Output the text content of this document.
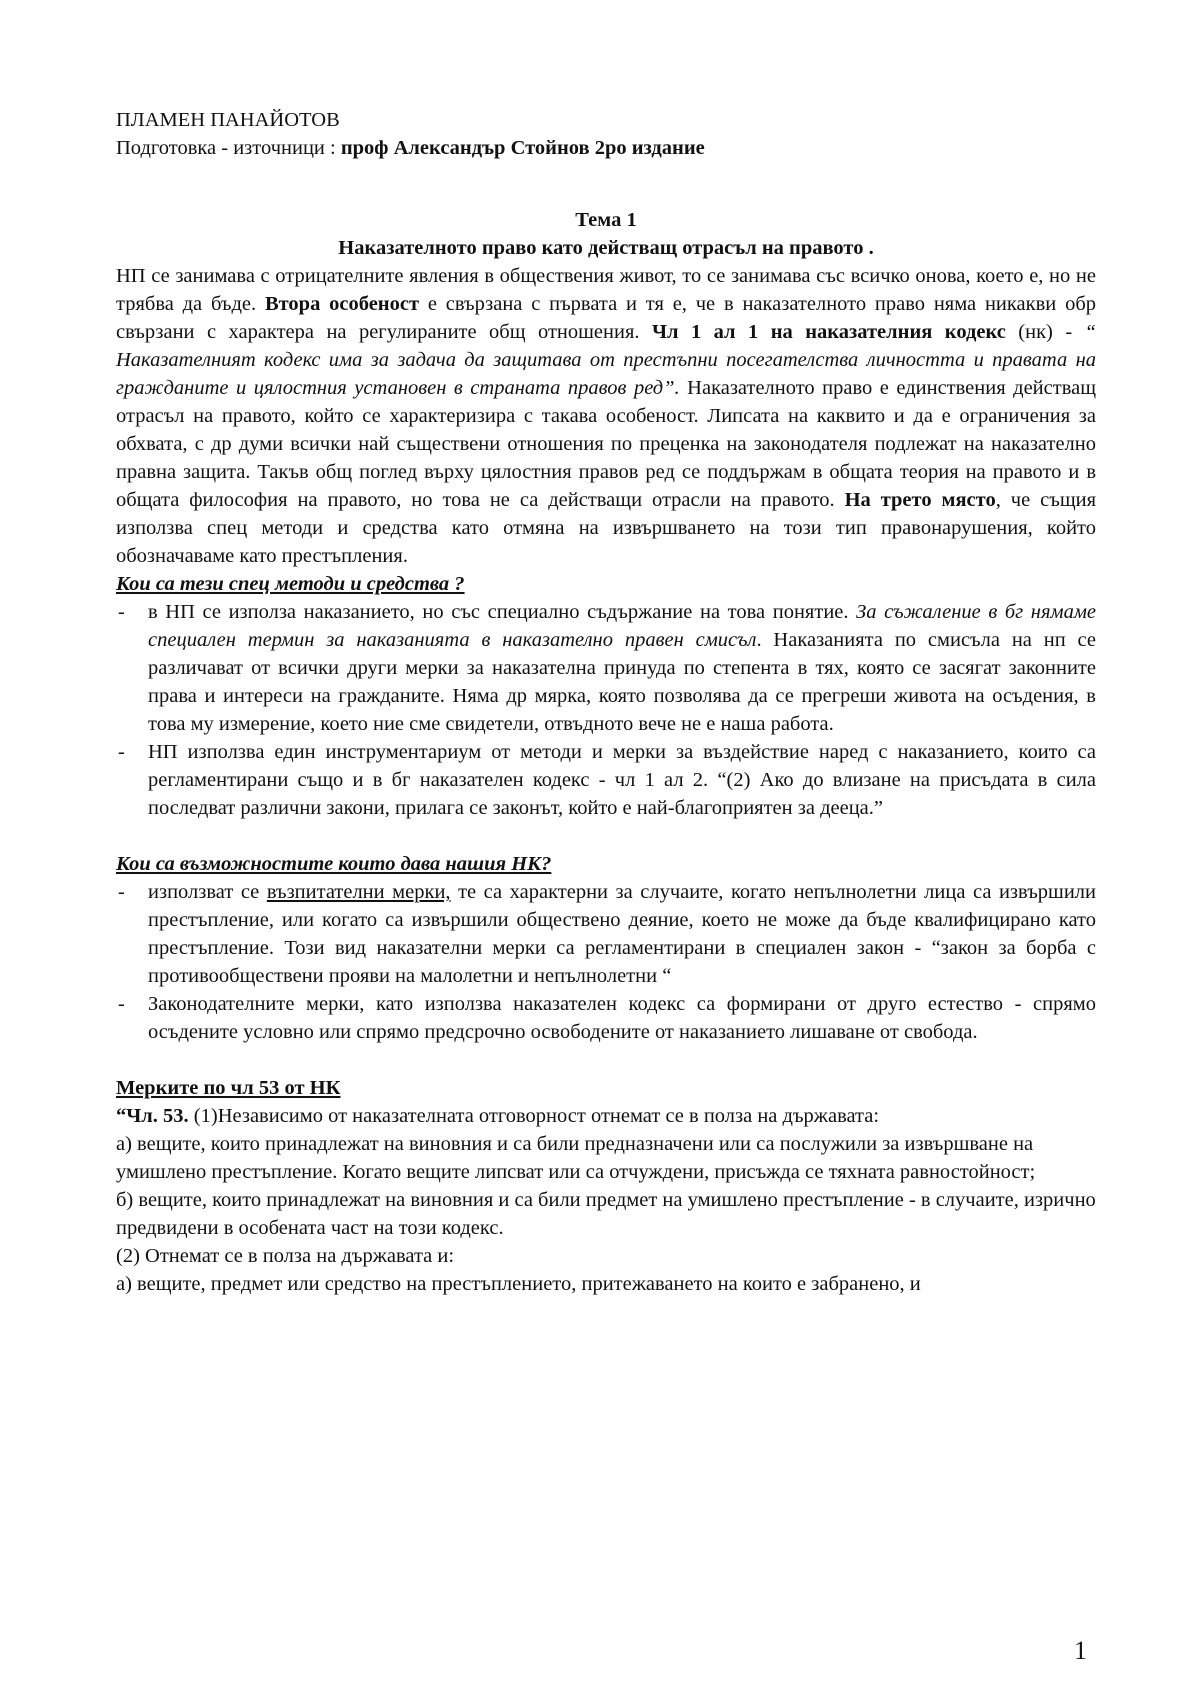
ПЛАМЕН ПАНАЙОТОВ

Подготовка - източници : проф Александър Стойнов 2ро издание

Тема 1

Наказателното право като действащ отрасъл на правото .

НП се занимава с отрицателните явления в обществения живот, то се занимава със всичко онова, което е, но не трябва да бъде. Втора особеност е свързана с първата и тя е, че в наказателното право няма никакви обр свързани с характера на регулираните общ отношения. Чл 1 ал 1 на наказателния кодекс (нк) - “ Наказателният кодекс има за задача да защитава от престъпни посегателства личността и правата на гражданите и цялостния установен в страната правов ред”. Наказателното право е единствения действащ отрасъл на правото, който се характеризира с такава особеност. Липсата на каквито и да е ограничения за обхвата, с др думи всички най съществени отношения по преценка на законодателя подлежат на наказателно правна защита. Такъв общ поглед върху цялостния правов ред се поддържам в общата теория на правото и в общата философия на правото, но това не са действащи отрасли на правото. На трето място, че същия използва спец методи и средства като отмяна на извършването на този тип правонарушения, който обозначаваме като престъпления.

Кои са тези спец методи и средства ?

- в НП се използа наказанието, но със специално съдържание на това понятие. За съжаление в бг нямаме специален термин за наказанията в наказателно правен смисъл. Наказанията по смисъла на нп се различават от всички други мерки за наказателна принуда по степента в тях, която се засягат законните права и интереси на гражданите. Няма др мярка, която позволява да се прегреши живота на осъдения, в това му измерение, което ние сме свидетели, отвъдното вече не е наша работа.
- НП използва един инструментариум от методи и мерки за въздействие наред с наказанието, които са регламентирани също и в бг наказателен кодекс - чл 1 ал 2. “(2) Ако до влизане на присъдата в сила последват различни закони, прилага се законът, който е най-благоприятен за дееца.”

Кои са възможностите които дава нашия НК?

- използват се възпитателни мерки, те са характерни за случаите, когато непълнолетни лица са извършили престъпление, или когато са извършили обществено деяние, което не може да бъде квалифицирано като престъпление. Този вид наказателни мерки са регламентирани в специален закон - “закон за борба с противообществени прояви на малолетни и непълнолетни “
- Законодателните мерки, като използва наказателен кодекс са формирани от друго естество - спрямо осъдените условно или спрямо предсрочно освободените от наказанието лишаване от свобода.

Мерките по чл 53 от НК

“Чл. 53. (1)Независимо от наказателната отговорност отнемат се в полза на държавата:

а) вещите, които принадлежат на виновния и са били предназначени или са послужили за извършване на умишлено престъпление. Когато вещите липсват или са отчуждени, присъжда се тяхната равностойност;

б) вещите, които принадлежат на виновния и са били предмет на умишлено престъпление - в случаите, изрично предвидени в особената част на този кодекс.

(2) Отнемат се в полза на държавата и:

а) вещите, предмет или средство на престъплението, притежаването на които е забранено, и

1
